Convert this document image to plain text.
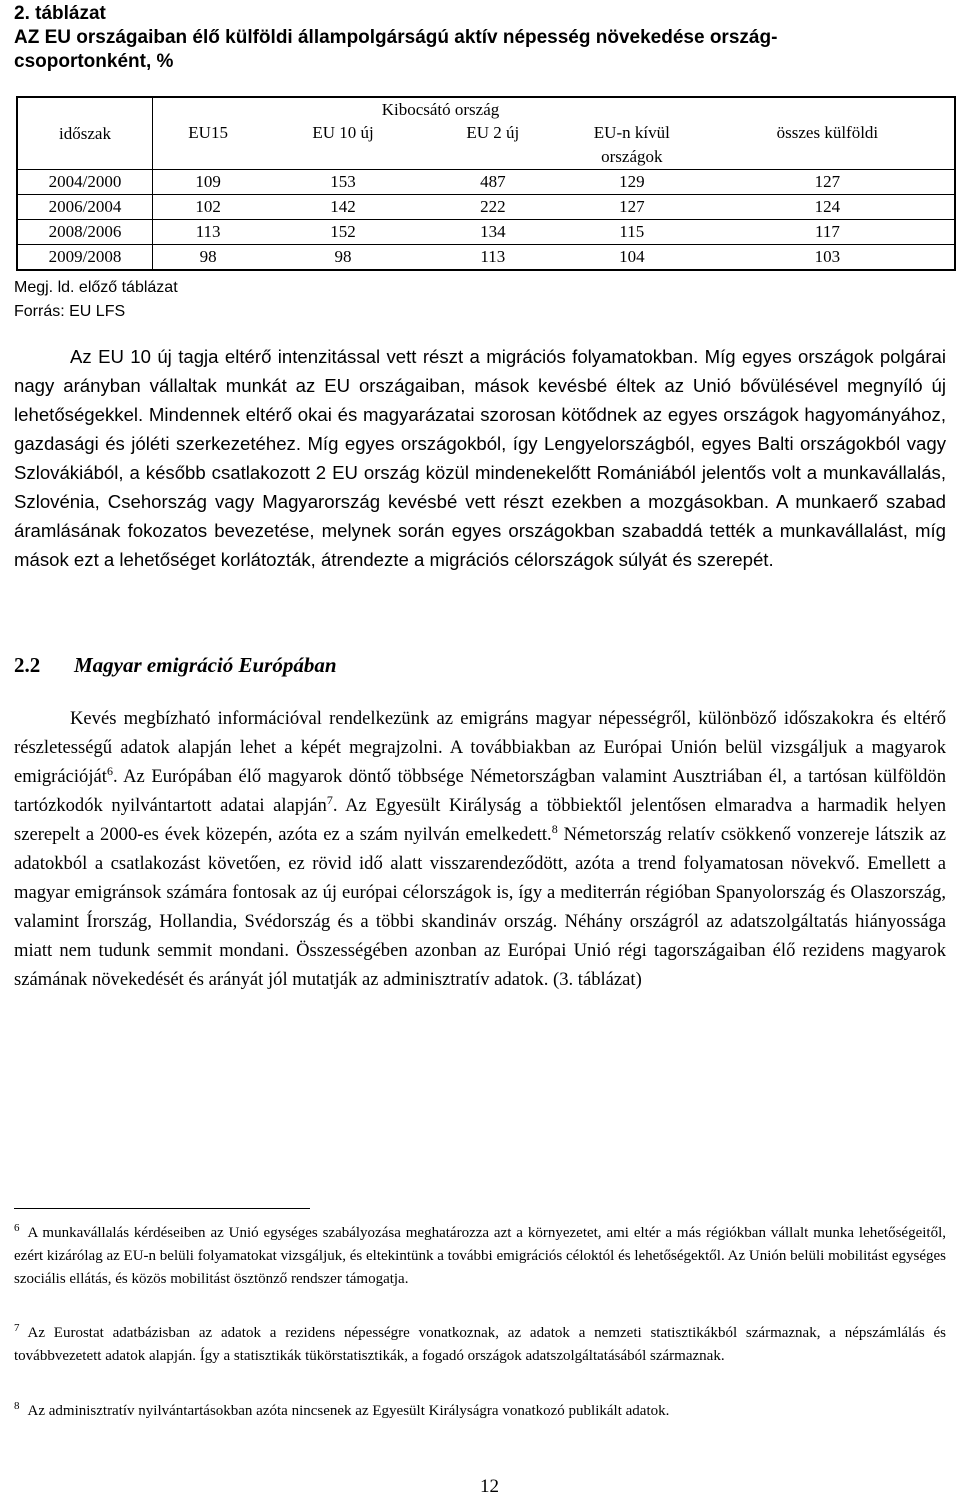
2. táblázat
AZ EU országaiban élő külföldi állampolgárságú aktív népesség növekedése ország-csoportonként, %
időszak	Kibocsátó ország				
	EU15	EU 10 új	EU 2 új	EU-n kívül országok	összes külföldi
2004/2000	109	153	487	129	127
2006/2004	102	142	222	127	124
2008/2006	113	152	134	115	117
2009/2008	98	98	113	104	103
Megj. ld. előző táblázat
Forrás: EU LFS
Az EU 10 új tagja eltérő intenzitással vett részt a migrációs folyamatokban. Míg egyes országok polgárai nagy arányban vállaltak munkát az EU országaiban, mások kevésbé éltek az Unió bővülésével megnyíló új lehetőségekkel. Mindennek eltérő okai és magyarázatai szorosan kötődnek az egyes országok hagyományához, gazdasági és jóléti szerkezetéhez. Míg egyes országokból, így Lengyelországból, egyes Balti országokból vagy Szlovákiából, a később csatlakozott 2 EU ország közül mindenekelőtt Romániából jelentős volt a munkavállalás, Szlovénia, Csehország vagy Magyarország kevésbé vett részt ezekben a mozgásokban. A munkaerő szabad áramlásának fokozatos bevezetése, melynek során egyes országokban szabaddá tették a munkavállalást, míg mások ezt a lehetőséget korlátozták, átrendezte a migrációs célországok súlyát és szerepét.
2.2 Magyar emigráció Európában
Kevés megbízható információval rendelkezünk az emigráns magyar népességről, különböző időszakokra és eltérő részletességű adatok alapján lehet a képét megrajzolni. A továbbiakban az Európai Unión belül vizsgáljuk a magyarok emigrációját$^6$. Az Európában élő magyarok döntő többsége Németországban valamint Ausztriában él, a tartósan külföldön tartózkodók nyilvántartott adatai alapján$^7$. Az Egyesült Királyság a többiektől jelentősen elmaradva a harmadik helyen szerepelt a 2000-es évek közepén, azóta ez a szám nyilván emelkedett.$^8$ Németország relatív csökkenő vonzereje látszik az adatokból a csatlakozást követően, ez rövid idő alatt visszarendeződött, azóta a trend folyamatosan növekvő. Emellett a magyar emigránsok számára fontosak az új európai célországok is, így a mediterrán régióban Spanyolország és Olaszország, valamint Írország, Hollandia, Svédország és a többi skandináv ország. Néhány országról az adatszolgáltatás hiányossága miatt nem tudunk semmit mondani. Összességében azonban az Európai Unió régi tagországaiban élő rezidens magyarok számának növekedését és arányát jól mutatják az adminisztratív adatok. (3. táblázat)
$^6$ A munkavállalás kérdéseiben az Unió egységes szabályozása meghatározza azt a környezetet, ami eltér a más régiókban vállalt munka lehetőségeitől, ezért kizárólag az EU-n belüli folyamatokat vizsgáljuk, és eltekintünk a további emigrációs céloktól és lehetőségektől. Az Unión belüli mobilitást egységes szociális ellátás, és közös mobilitást ösztönző rendszer támogatja.
$^7$ Az Eurostat adatbázisban az adatok a rezidens népességre vonatkoznak, az adatok a nemzeti statisztikákból származnak, a népszámlálás és továbbvezetett adatok alapján. Így a statisztikák tükörstatisztikák, a fogadó országok adatszolgáltatásából származnak.
$^8$ Az adminisztratív nyilvántartásokban azóta nincsenek az Egyesült Királyságra vonatkozó publikált adatok.
12
